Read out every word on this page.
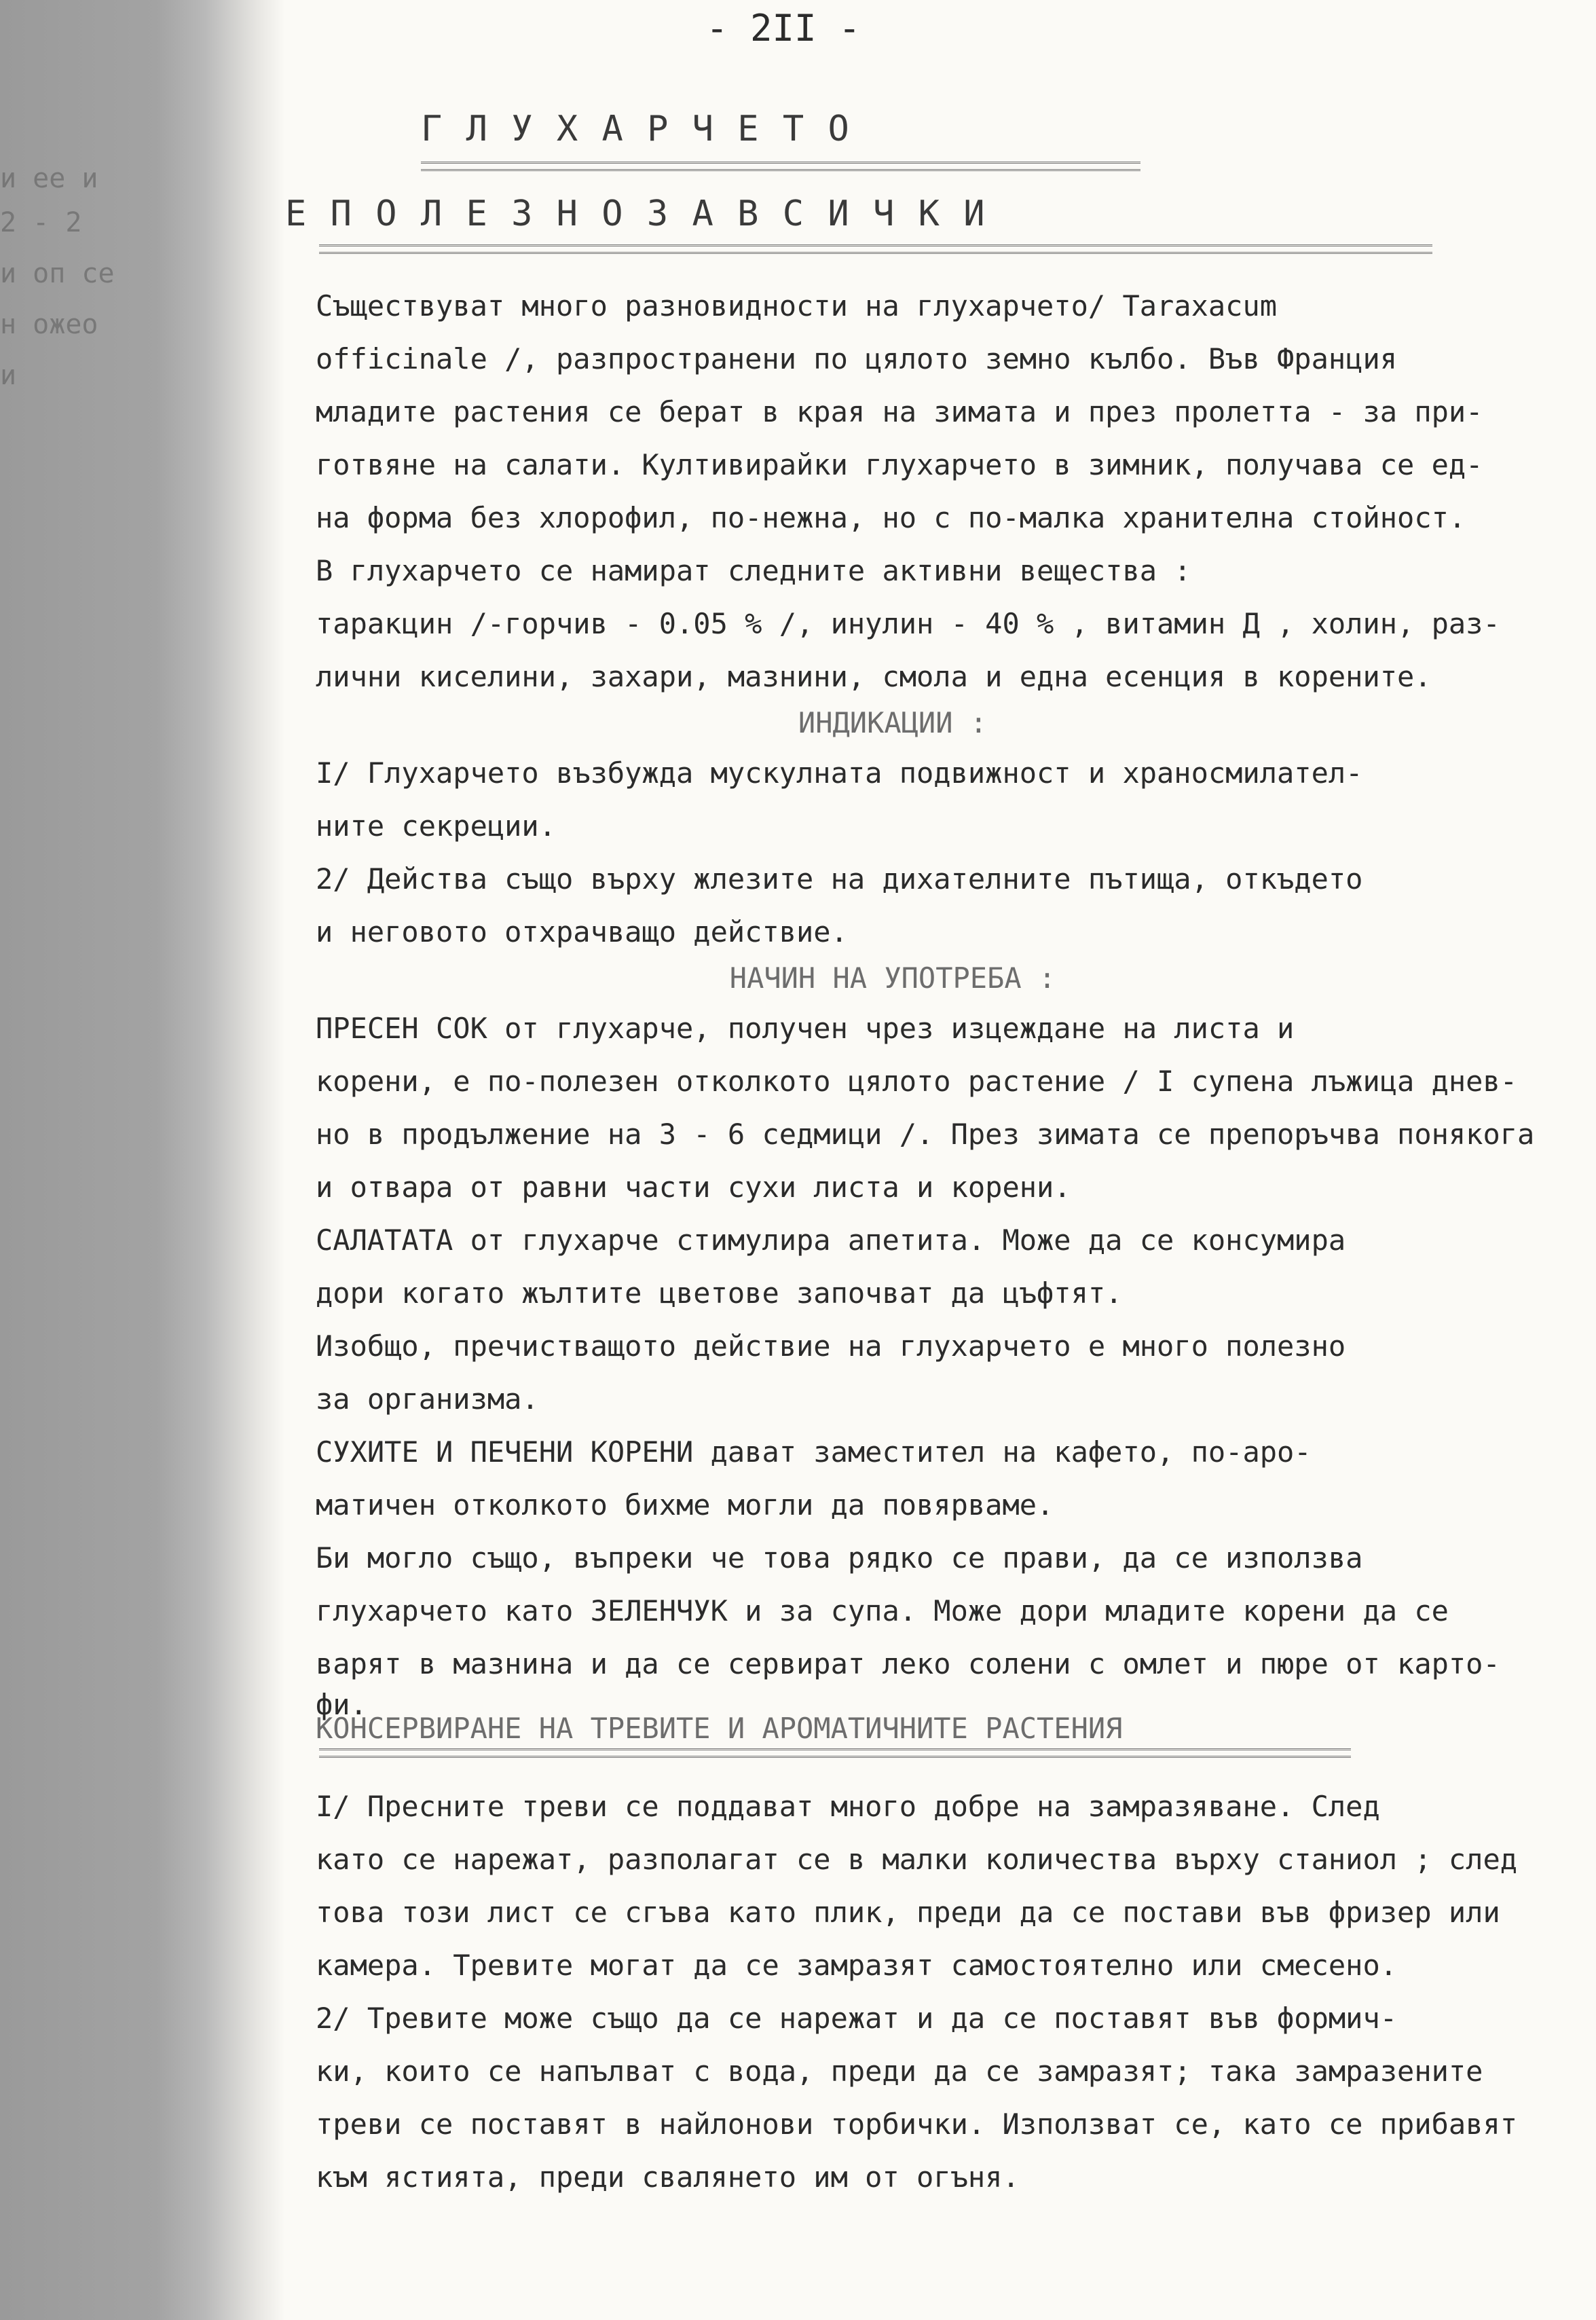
- 2II -
Г Л У Х А Р Ч Е Т О
Е П О Л Е З Н О З А В С И Ч К И
Съществуват много разновидности на глухарчето/ Taraxacum
officinale /, разпространени по цялото земно кълбо. Във Франция
младите растения се берат в края на зимата и през пролетта - за при-
готвяне на салати. Култивирайки глухарчето в зимник, получава се ед-
на форма без хлорофил, по-нежна, но с по-малка хранителна стойност.
В глухарчето се намират следните активни вещества :
таракцин /-горчив - 0.05 % /, инулин - 40 % , витамин Д , холин, раз-
лични киселини, захари, мазнини, смола и една есенция в корените.
ИНДИКАЦИИ :
I/ Глухарчето възбужда мускулната подвижност и храносмилател-
ните секреции.
2/ Действа също върху жлезите на дихателните пътища, откъдето
и неговото отхрачващо действие.
НАЧИН НА УПОТРЕБА :
ПРЕСЕН СОК от глухарче, получен чрез изцеждане на листа и
корени, е по-полезен отколкото цялото растение / I супена лъжица днев-
но в продължение на 3 - 6 седмици /. През зимата се препоръчва понякога
и отвара от равни части сухи листа и корени.
САЛАТАТА от глухарче стимулира апетита. Може да се консумира
дори когато жълтите цветове започват да цъфтят.
Изобщо, пречистващото действие на глухарчето е много полезно
за организма.
СУХИТЕ И ПЕЧЕНИ КОРЕНИ дават заместител на кафето, по-аро-
матичен отколкото бихме могли да повярваме.
Би могло също, въпреки че това рядко се прави, да се използва
глухарчето като ЗЕЛЕНЧУК и за супа. Може дори младите корени да се
варят в мазнина и да се сервират леко солени с омлет и пюре от карто-
фи.
КОНСЕРВИРАНЕ НА ТРЕВИТЕ И АРОМАТИЧНИТЕ РАСТЕНИЯ
I/ Пресните треви се поддават много добре на замразяване. След
като се нарежат, разполагат се в малки количества върху станиол ; след
това този лист се сгъва като плик, преди да се постави във фризер или
камера. Тревите могат да се замразят самостоятелно или смесено.
2/ Тревите може също да се нарежат и да се поставят във формич-
ки, които се напълват с вода, преди да се замразят; така замразените
треви се поставят в найлонови торбички. Използват се, като се прибавят
към ястията, преди свалянето им от огъня.
и ее и
2 - 2
и оп се
н ожео
и
